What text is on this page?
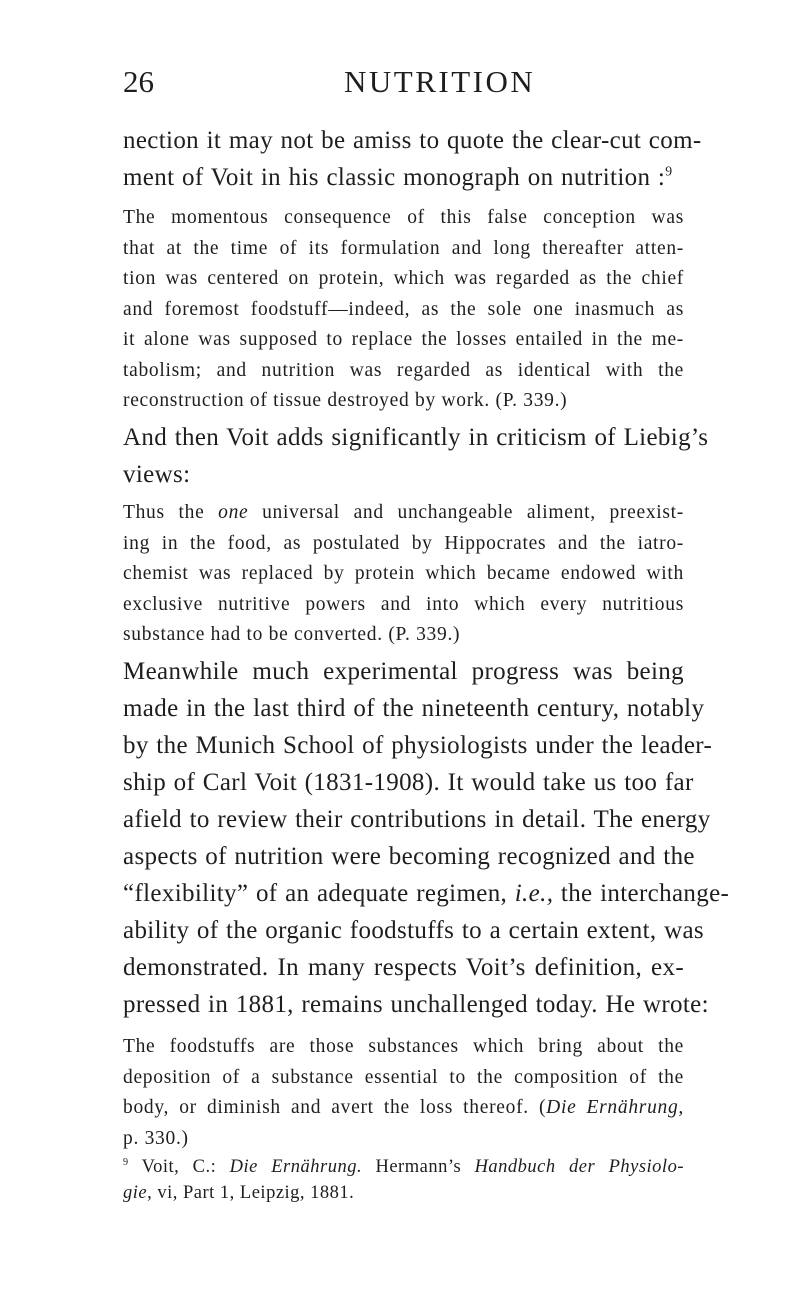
26	NUTRITION
nection it may not be amiss to quote the clear-cut com-
ment of Voit in his classic monograph on nutrition :$^9$
The momentous consequence of this false conception was
that at the time of its formulation and long thereafter atten-
tion was centered on protein, which was regarded as the chief
and foremost foodstuff—indeed, as the sole one inasmuch as
it alone was supposed to replace the losses entailed in the me-
tabolism; and nutrition was regarded as identical with the
reconstruction of tissue destroyed by work. (P. 339.)
And then Voit adds significantly in criticism of Liebig’s
views:
Thus the one universal and unchangeable aliment, preexist-
ing in the food, as postulated by Hippocrates and the iatro-
chemist was replaced by protein which became endowed with
exclusive nutritive powers and into which every nutritious
substance had to be converted. (P. 339.)
Meanwhile much experimental progress was being
made in the last third of the nineteenth century, notably
by the Munich School of physiologists under the leader-
ship of Carl Voit (1831-1908). It would take us too far
afield to review their contributions in detail. The energy
aspects of nutrition were becoming recognized and the
“flexibility” of an adequate regimen, i.e., the interchange-
ability of the organic foodstuffs to a certain extent, was
demonstrated. In many respects Voit’s definition, ex-
pressed in 1881, remains unchallenged today. He wrote:
The foodstuffs are those substances which bring about the
deposition of a substance essential to the composition of the
body, or diminish and avert the loss thereof. (Die Ernährung,
p. 330.)
$^9$ Voit, C.: Die Ernährung. Hermann’s Handbuch der Physiolo-
gie, vi, Part 1, Leipzig, 1881.
